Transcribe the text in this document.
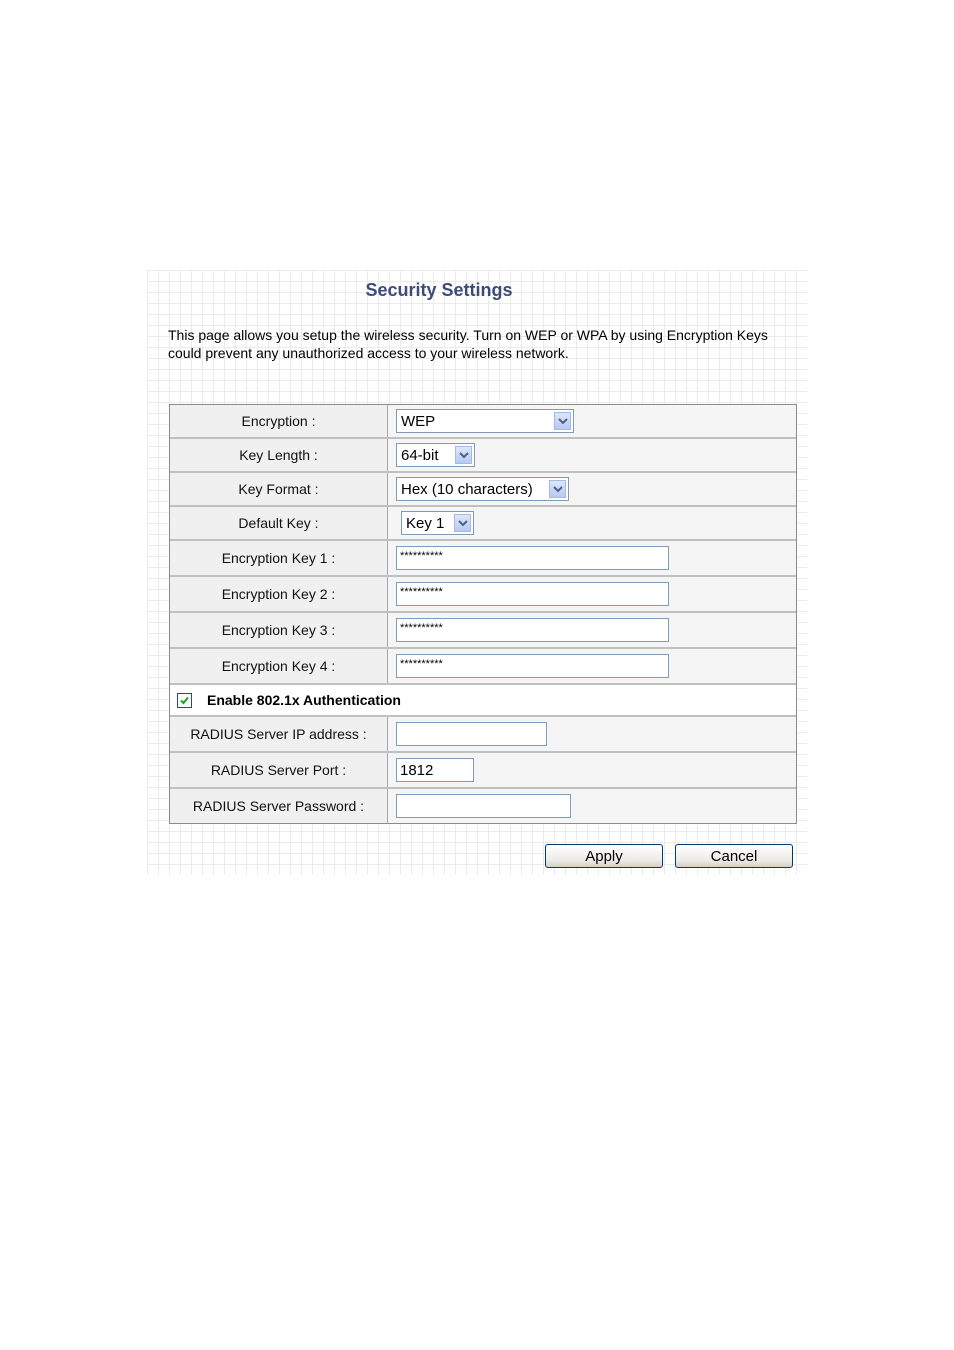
Security Settings
This page allows you setup the wireless security. Turn on WEP or WPA by using Encryption Keys could prevent any unauthorized access to your wireless network.
Encryption :	WEP
Key Length :	64-bit
Key Format :	Hex (10 characters)
Default Key :	Key 1
Encryption Key 1 :	**********
Encryption Key 2 :	**********
Encryption Key 3 :	**********
Encryption Key 4 :	**********
Enable 802.1x Authentication
RADIUS Server IP address :
RADIUS Server Port :	1812
RADIUS Server Password :
Apply	Cancel
